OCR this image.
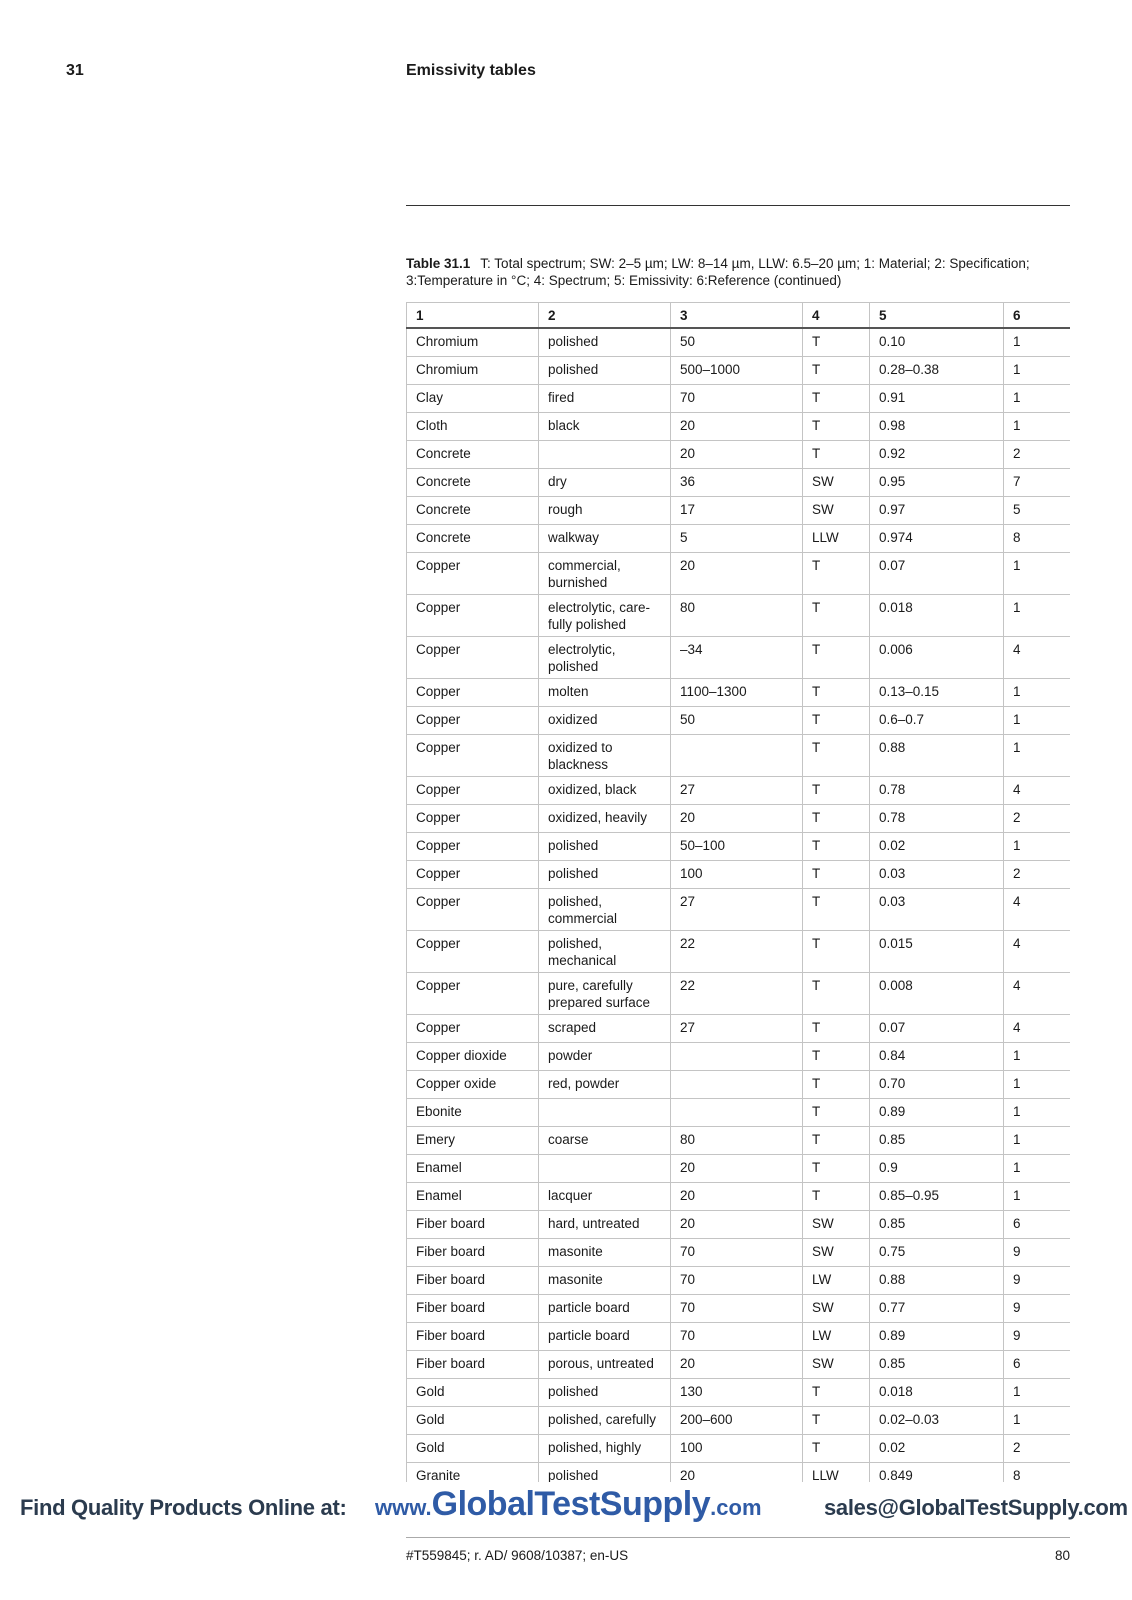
31	Emissivity tables
Table 31.1 T: Total spectrum; SW: 2–5 µm; LW: 8–14 µm, LLW: 6.5–20 µm; 1: Material; 2: Specification; 3:Temperature in °C; 4: Spectrum; 5: Emissivity: 6:Reference (continued)
1	2	3	4	5	6
Chromium	polished	50	T	0.10	1
Chromium	polished	500–1000	T	0.28–0.38	1
Clay	fired	70	T	0.91	1
Cloth	black	20	T	0.98	1
Concrete		20	T	0.92	2
Concrete	dry	36	SW	0.95	7
Concrete	rough	17	SW	0.97	5
Concrete	walkway	5	LLW	0.974	8
Copper	commercial, burnished	20	T	0.07	1
Copper	electrolytic, care-fully polished	80	T	0.018	1
Copper	electrolytic, polished	–34	T	0.006	4
Copper	molten	1100–1300	T	0.13–0.15	1
Copper	oxidized	50	T	0.6–0.7	1
Copper	oxidized to blackness		T	0.88	1
Copper	oxidized, black	27	T	0.78	4
Copper	oxidized, heavily	20	T	0.78	2
Copper	polished	50–100	T	0.02	1
Copper	polished	100	T	0.03	2
Copper	polished, commercial	27	T	0.03	4
Copper	polished, mechanical	22	T	0.015	4
Copper	pure, carefully prepared surface	22	T	0.008	4
Copper	scraped	27	T	0.07	4
Copper dioxide	powder		T	0.84	1
Copper oxide	red, powder		T	0.70	1
Ebonite			T	0.89	1
Emery	coarse	80	T	0.85	1
Enamel		20	T	0.9	1
Enamel	lacquer	20	T	0.85–0.95	1
Fiber board	hard, untreated	20	SW	0.85	6
Fiber board	masonite	70	SW	0.75	9
Fiber board	masonite	70	LW	0.88	9
Fiber board	particle board	70	SW	0.77	9
Fiber board	particle board	70	LW	0.89	9
Fiber board	porous, untreated	20	SW	0.85	6
Gold	polished	130	T	0.018	1
Gold	polished, carefully	200–600	T	0.02–0.03	1
Gold	polished, highly	100	T	0.02	2
Granite	polished	20	LLW	0.849	8
Find Quality Products Online at: www.GlobalTestSupply.com	sales@GlobalTestSupply.com
#T559845; r. AD/ 9608/10387; en-US	80
